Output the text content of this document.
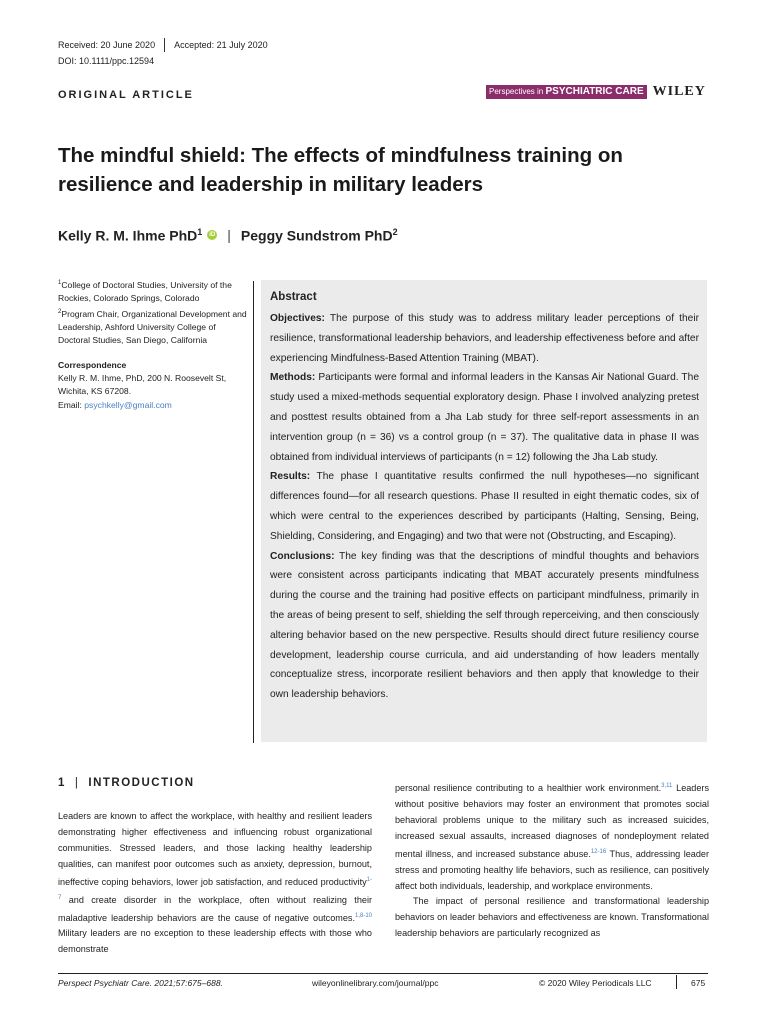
Received: 20 June 2020 Accepted: 21 July 2020
DOI: 10.1111/ppc.12594
ORIGINAL ARTICLE	Perspectives in PSYCHIATRIC CARE WILEY
The mindful shield: The effects of mindfulness training on resilience and leadership in military leaders
Kelly R. M. Ihme PhD$^1$	iD | Peggy Sundstrom PhD$^2$
$^1$College of Doctoral Studies, University of the Rockies, Colorado Springs, Colorado
$^2$Program Chair, Organizational Development and Leadership, Ashford University College of Doctoral Studies, San Diego, California
Correspondence
Kelly R. M. Ihme, PhD, 200 N. Roosevelt St,
Wichita, KS 67208.
Email: psychkelly@gmail.com
Abstract

Objectives: The purpose of this study was to address military leader perceptions of their resilience, transformational leadership behaviors, and leadership effectiveness before and after experiencing Mindfulness-Based Attention Training (MBAT).

Methods: Participants were formal and informal leaders in the Kansas Air National Guard. The study used a mixed-methods sequential exploratory design. Phase I involved analyzing pretest and posttest results obtained from a Jha Lab study for three self-report assessments in an intervention group (n = 36) vs a control group (n = 37). The qualitative data in phase II was obtained from individual interviews of participants (n = 12) following the Jha Lab study.

Results: The phase I quantitative results confirmed the null hypotheses—no significant differences found—for all research questions. Phase II resulted in eight thematic codes, six of which were central to the experiences described by participants (Halting, Sensing, Being, Shielding, Considering, and Engaging) and two that were not (Obstructing, and Escaping).

Conclusions: The key finding was that the descriptions of mindful thoughts and behaviors were consistent across participants indicating that MBAT accurately presents mindfulness during the course and the training had positive effects on participant mindfulness, primarily in the areas of being present to self, shielding the self through reperceiving, and then consciously altering behavior based on the new perspective. Results should direct future resiliency course development, leadership course curricula, and aid understanding of how leaders mentally conceptualize stress, incorporate resilient behaviors and then apply that knowledge to their own leadership behaviors.

1 | INTRODUCTION

Leaders are known to affect the workplace, with healthy and resilient leaders demonstrating higher effectiveness and influencing robust organizational communities. Stressed leaders, and those lacking healthy leadership qualities, can manifest poor outcomes such as anxiety, depression, burnout, ineffective coping behaviors, lower job satisfaction, and reduced productivity$^{1-7}$ and create disorder in the workplace, often without realizing their maladaptive leadership behaviors are the cause of negative outcomes.$^{1,8-10}$ Military leaders are no exception to these leadership effects with those who demonstrate

personal resilience contributing to a healthier work environment.$^{3,11}$ Leaders without positive behaviors may foster an environment that promotes social behavioral problems unique to the military such as increased suicides, increased sexual assaults, increased diagnoses of nondeployment related mental illness, and increased substance abuse.$^{12-16}$ Thus, addressing leader stress and promoting healthy life behaviors, such as resilience, can positively affect both individuals, leadership, and workplace environments.

The impact of personal resilience and transformational leadership behaviors on leader behaviors and effectiveness are known. Transformational leadership behaviors are particularly recognized as

Perspect Psychiatr Care. 2021;57:675–688.	wileyonlinelibrary.com/journal/ppc	© 2020 Wiley Periodicals LLC	675
